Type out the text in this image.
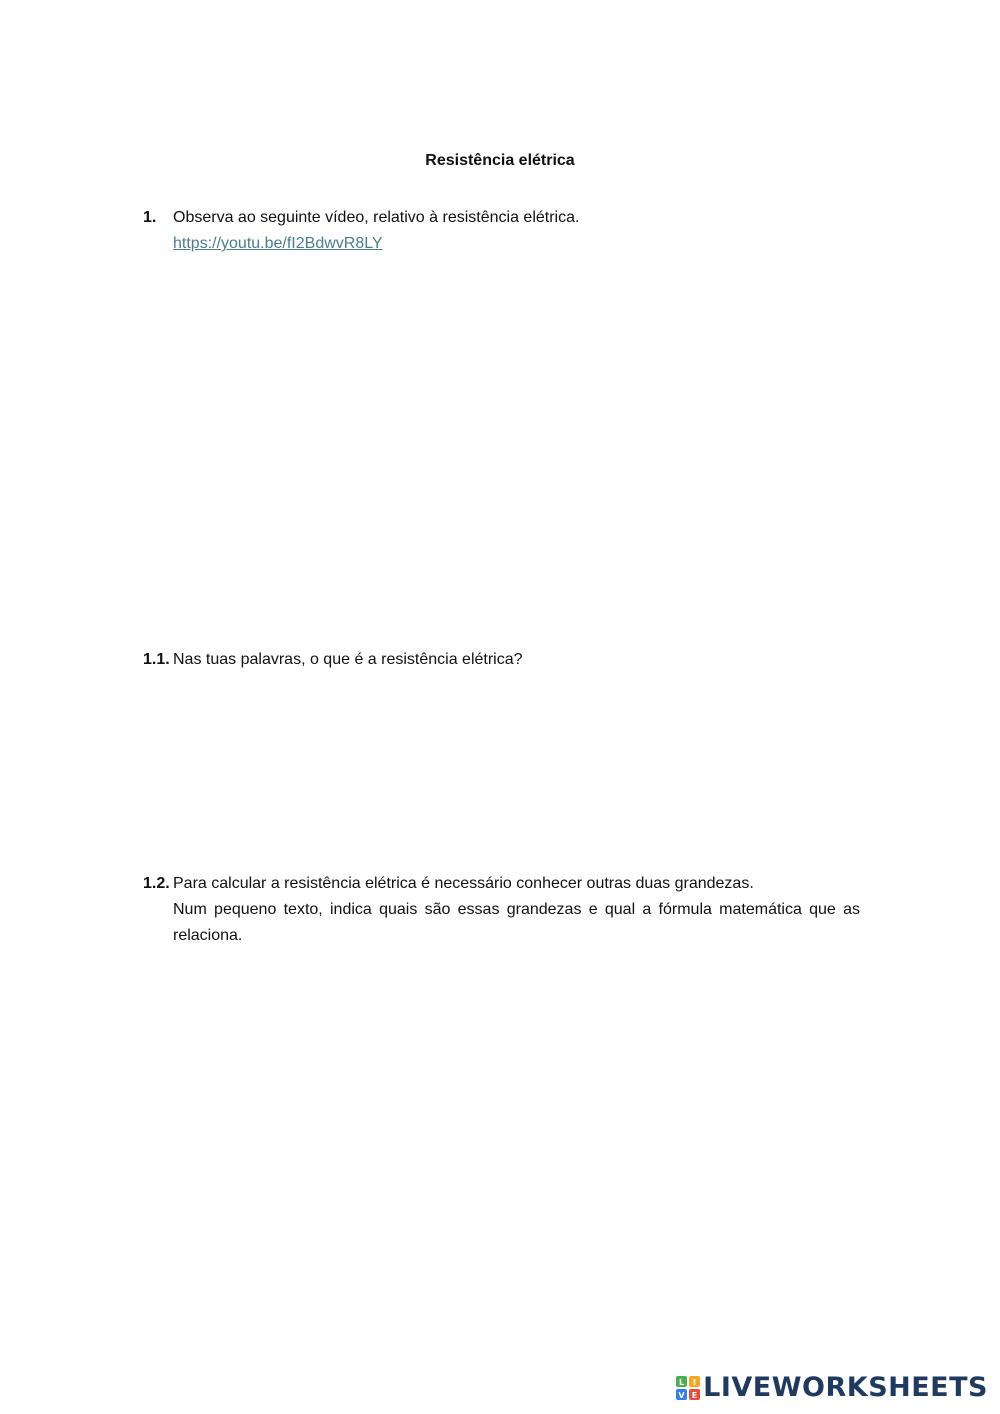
Resistência elétrica
1. Observa ao seguinte vídeo, relativo à resistência elétrica.
https://youtu.be/fI2BdwvR8LY
1.1. Nas tuas palavras, o que é a resistência elétrica?
1.2. Para calcular a resistência elétrica é necessário conhecer outras duas grandezas.
Num pequeno texto, indica quais são essas grandezas e qual a fórmula matemática que as relaciona.
L I
V E LIVEWORKSHEETS
